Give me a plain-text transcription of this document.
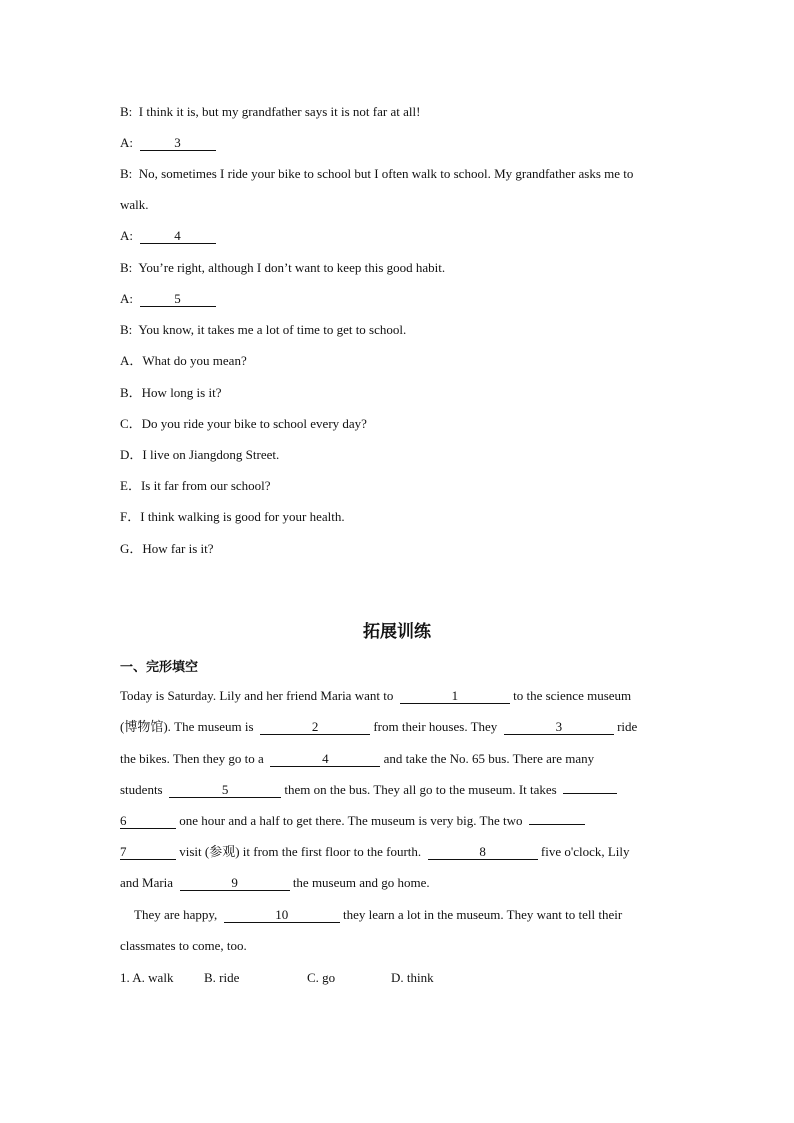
B: I think it is, but my grandfather says it is not far at all!
A:	3
B: No, sometimes I ride your bike to school but I often walk to school. My grandfather asks me to
walk.
A:	4
B: You’re right, although I don’t want to keep this good habit.
A:	5
B: You know, it takes me a lot of time to get to school.
A．What do you mean?
B．How long is it?
C．Do you ride your bike to school every day?
D．I live on Jiangdong Street.
E．Is it far from our school?
F．I think walking is good for your health.
G．How far is it?
拓展训练
一、完形填空
Today is Saturday. Lily and her friend Maria want to	1	to the science museum
(博物馆). The museum is	2	from their houses. They	3	ride
the bikes. Then they go to a	4	and take the No. 65 bus. There are many
students	5	them on the bus. They all go to the museum. It takes
6	one hour and a half to get there. The museum is very big. The two
7	visit (参观) it from the first floor to the fourth.	8	five o'clock, Lily
and Maria	9	the museum and go home.
They are happy,	10	they learn a lot in the museum. They want to tell their
classmates to come, too.
1. A. walk B. ride	C. go	D. think
